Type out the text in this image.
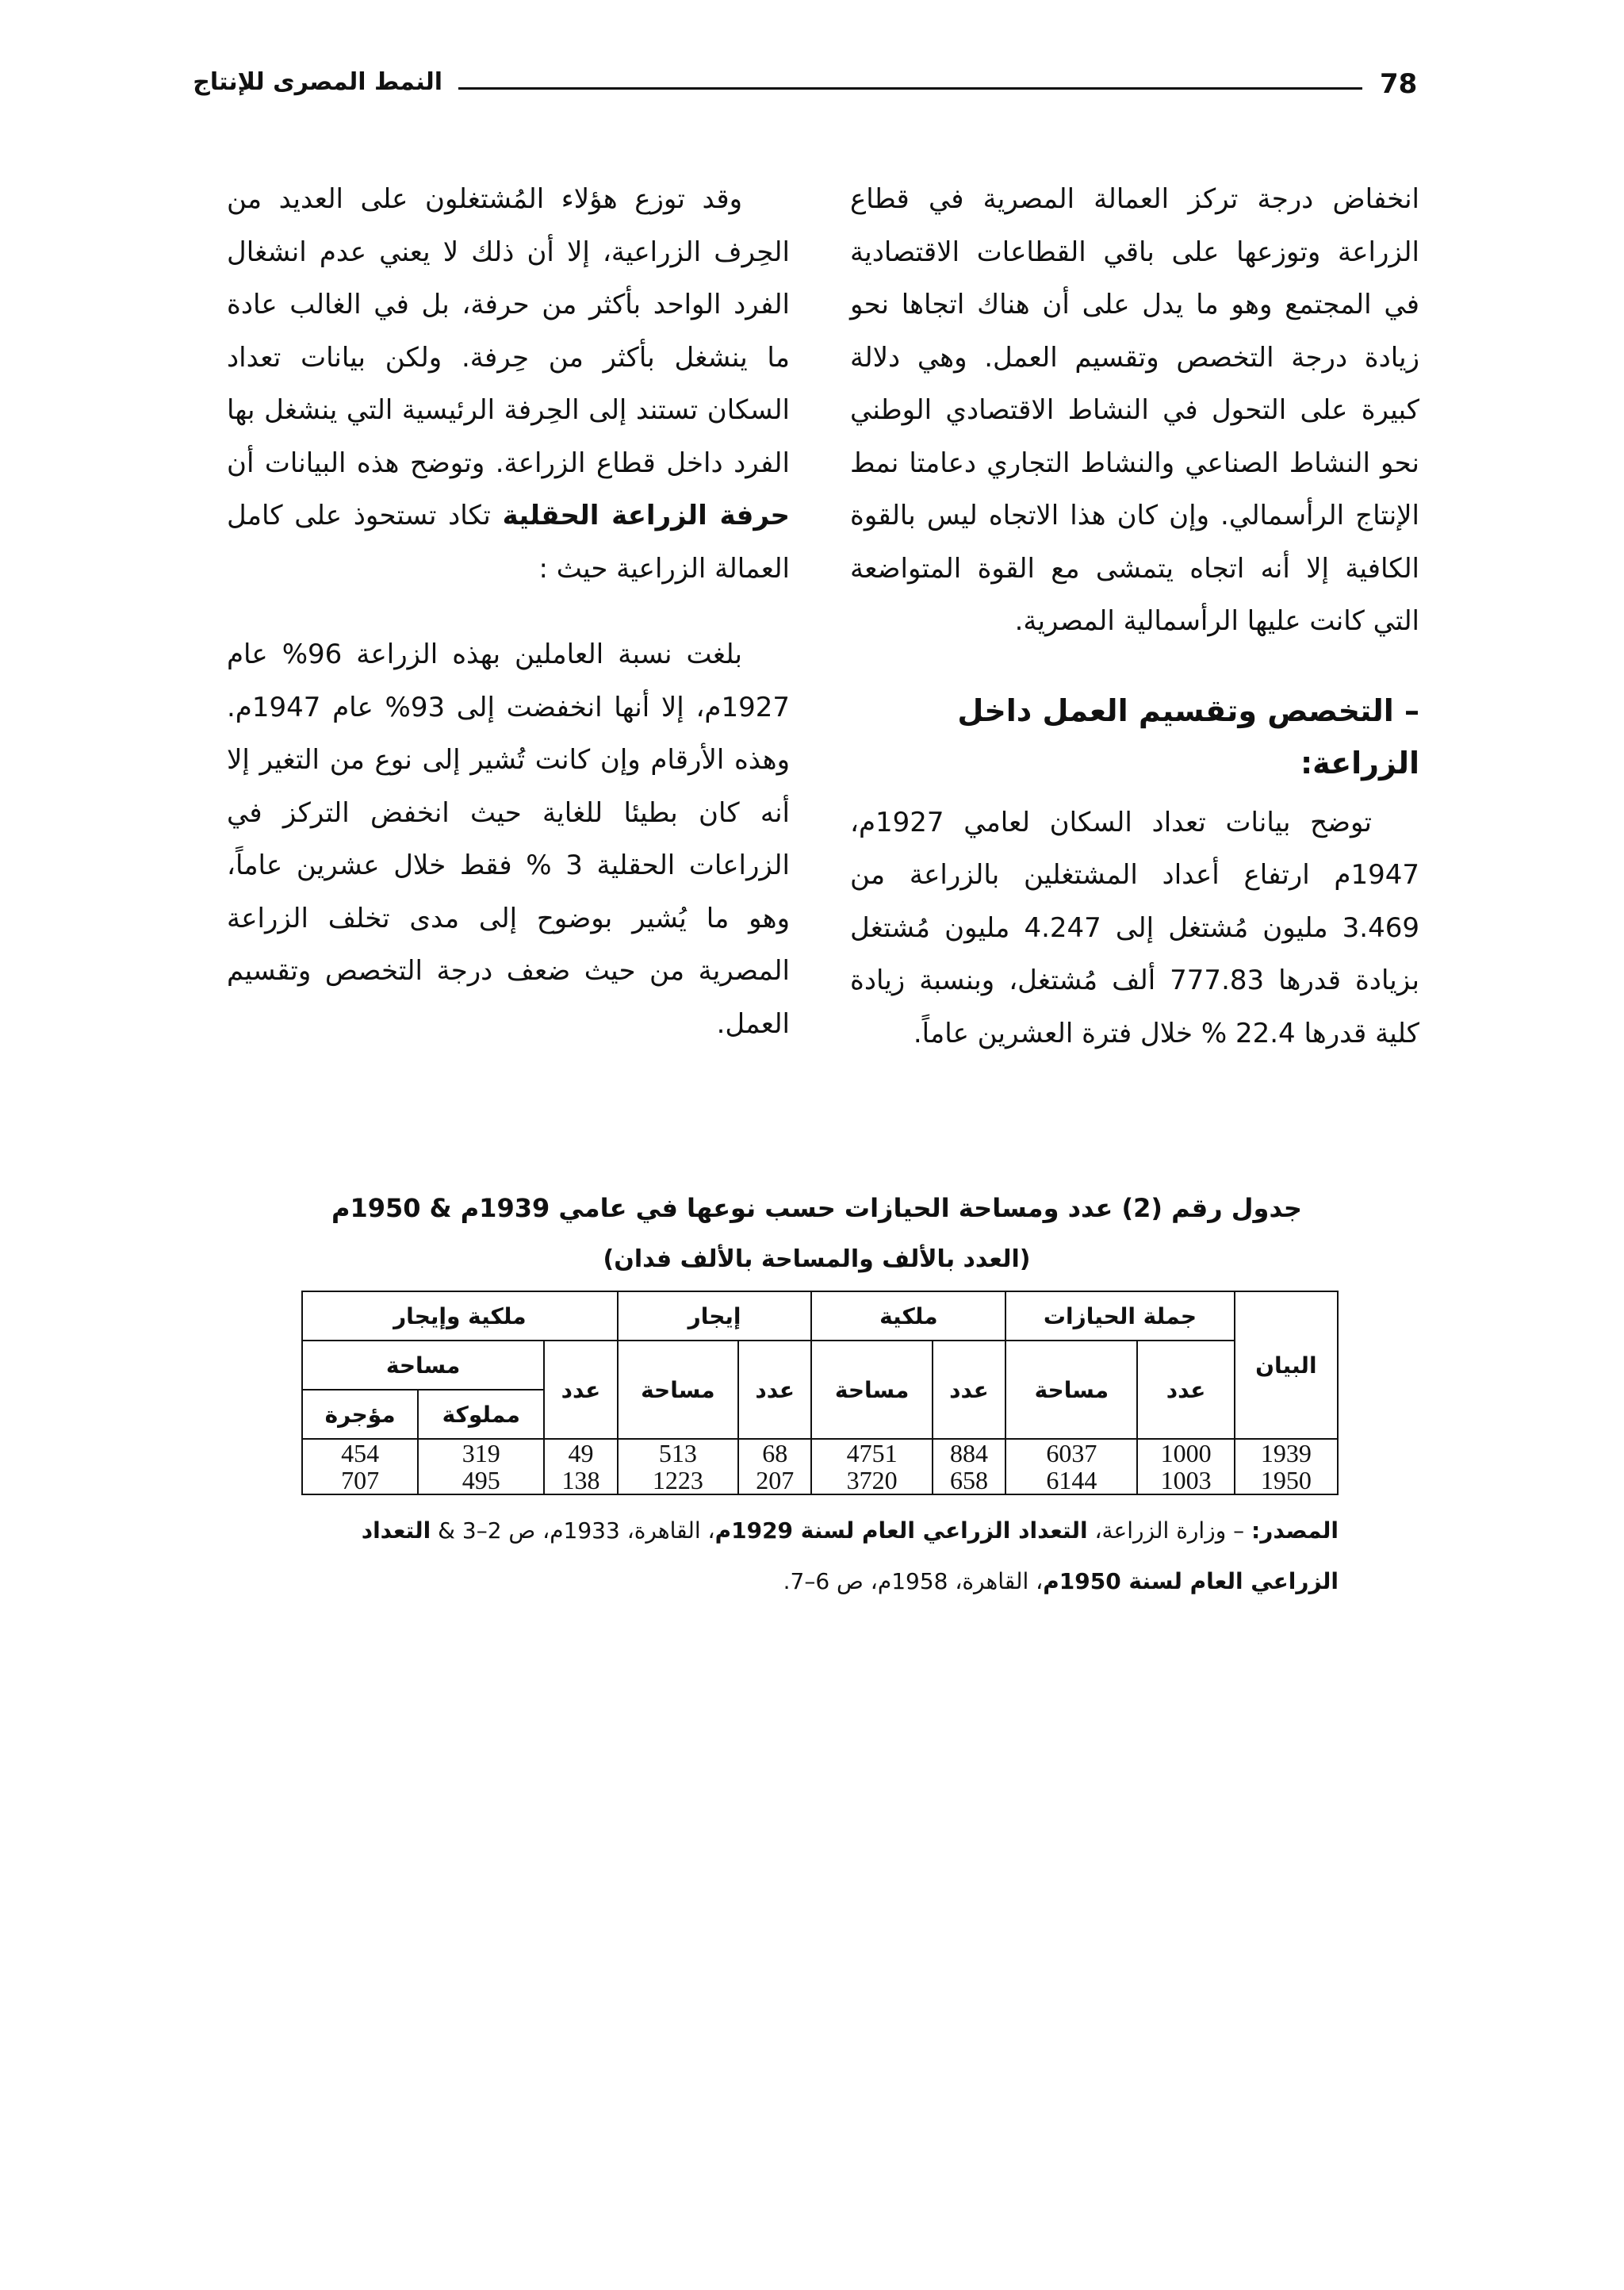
78
النمط المصرى للإنتاج

انخفاض درجة تركز العمالة المصرية في قطاع الزراعة وتوزعها على باقي القطاعات الاقتصادية في المجتمع وهو ما يدل على أن هناك اتجاها نحو زيادة درجة التخصص وتقسيم العمل. وهي دلالة كبيرة على التحول في النشاط الاقتصادي الوطني نحو النشاط الصناعي والنشاط التجاري دعامتا نمط الإنتاج الرأسمالي. وإن كان هذا الاتجاه ليس بالقوة الكافية إلا أنه اتجاه يتمشى مع القوة المتواضعة التي كانت عليها الرأسمالية المصرية.

– التخصص وتقسيم العمل داخل الزراعة:

توضح بيانات تعداد السكان لعامي 1927م، 1947م ارتفاع أعداد المشتغلين بالزراعة من 3.469 مليون مُشتغل إلى 4.247 مليون مُشتغل بزيادة قدرها 777.83 ألف مُشتغل، وبنسبة زيادة كلية قدرها 22.4 % خلال فترة العشرين عاماً.

وقد توزع هؤلاء المُشتغلون على العديد من الحِرف الزراعية، إلا أن ذلك لا يعني عدم انشغال الفرد الواحد بأكثر من حرفة، بل في الغالب عادة ما ينشغل بأكثر من حِرفة. ولكن بيانات تعداد السكان تستند إلى الحِرفة الرئيسية التي ينشغل بها الفرد داخل قطاع الزراعة. وتوضح هذه البيانات أن حرفة الزراعة الحقلية تكاد تستحوذ على كامل العمالة الزراعية حيث :

بلغت نسبة العاملين بهذه الزراعة 96% عام 1927م، إلا أنها انخفضت إلى 93% عام 1947م. وهذه الأرقام وإن كانت تُشير إلى نوع من التغير إلا أنه كان بطيئا للغاية حيث انخفض التركز في الزراعات الحقلية 3 % فقط خلال عشرين عاماً، وهو ما يُشير بوضوح إلى مدى تخلف الزراعة المصرية من حيث ضعف درجة التخصص وتقسيم العمل.

جدول رقم (2) عدد ومساحة الحيازات حسب نوعها في عامي 1939م & 1950م
(العدد بالألف والمساحة بالألف فدان)
البيان	جملة الحيازات		ملكية		إيجار		ملكية وإيجار		
	عدد	مساحة	عدد	مساحة	عدد	مساحة	عدد	مساحة	
								مملوكة	مؤجرة
1939	1000	6037	884	4751	68	513	49	319	454
1950	1003	6144	658	3720	207	1223	138	495	707
المصدر: – وزارة الزراعة، التعداد الزراعي العام لسنة 1929م، القاهرة، 1933م، ص 2–3 & التعداد الزراعي العام لسنة 1950م، القاهرة، 1958م، ص 6–7.
